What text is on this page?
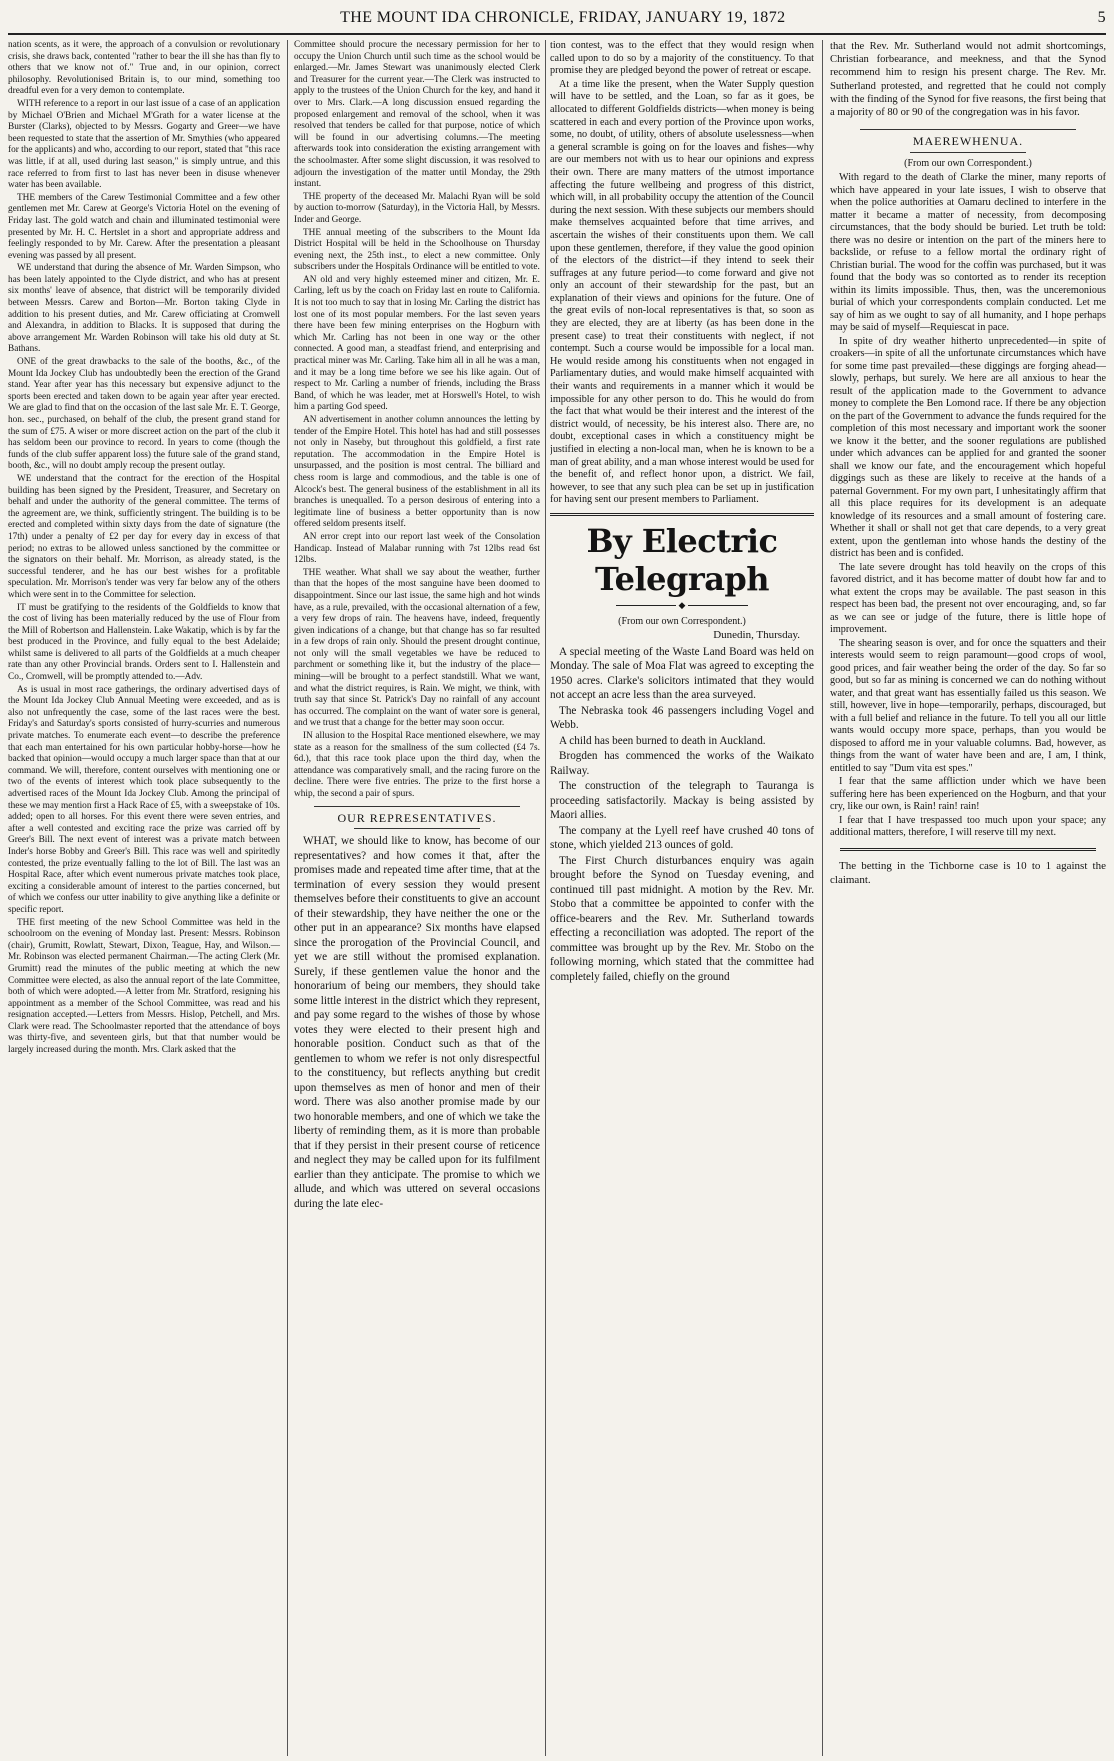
THE MOUNT IDA CHRONICLE, FRIDAY, JANUARY 19, 1872	5

nation scents, as it were, the approach of a convulsion or revolutionary crisis, she draws back, contented "rather to bear the ill she has than fly to others that we know not of." True and, in our opinion, correct philosophy. Revolutionised Britain is, to our mind, something too dreadful even for a very demon to contemplate.

WITH reference to a report in our last issue of a case of an application by Michael O'Brien and Michael M'Grath for a water license at the Burster (Clarks), objected to by Messrs. Gogarty and Greer—we have been requested to state that the assertion of Mr. Smythies (who appeared for the applicants) and who, according to our report, stated that "this race was little, if at all, used during last season," is simply untrue, and this race referred to from first to last has never been in disuse whenever water has been available.

THE members of the Carew Testimonial Committee and a few other gentlemen met Mr. Carew at George's Victoria Hotel on the evening of Friday last. The gold watch and chain and illuminated testimonial were presented by Mr. H. C. Hertslet in a short and appropriate address and feelingly responded to by Mr. Carew. After the presentation a pleasant evening was passed by all present.

WE understand that during the absence of Mr. Warden Simpson, who has been lately appointed to the Clyde district, and who has at present six months' leave of absence, that district will be temporarily divided between Messrs. Carew and Borton—Mr. Borton taking Clyde in addition to his present duties, and Mr. Carew officiating at Cromwell and Alexandra, in addition to Blacks. It is supposed that during the above arrangement Mr. Warden Robinson will take his old duty at St. Bathans.

ONE of the great drawbacks to the sale of the booths, &c., of the Mount Ida Jockey Club has undoubtedly been the erection of the Grand stand. Year after year has this necessary but expensive adjunct to the sports been erected and taken down to be again year after year erected. We are glad to find that on the occasion of the last sale Mr. E. T. George, hon. sec., purchased, on behalf of the club, the present grand stand for the sum of £75. A wiser or more discreet action on the part of the club it has seldom been our province to record. In years to come (though the funds of the club suffer apparent loss) the future sale of the grand stand, booth, &c., will no doubt amply recoup the present outlay.

WE understand that the contract for the erection of the Hospital building has been signed by the President, Treasurer, and Secretary on behalf and under the authority of the general committee. The terms of the agreement are, we think, sufficiently stringent. The building is to be erected and completed within sixty days from the date of signature (the 17th) under a penalty of £2 per day for every day in excess of that period; no extras to be allowed unless sanctioned by the committee or the signators on their behalf. Mr. Morrison, as already stated, is the successful tenderer, and he has our best wishes for a profitable speculation. Mr. Morrison's tender was very far below any of the others which were sent in to the Committee for selection.

IT must be gratifying to the residents of the Goldfields to know that the cost of living has been materially reduced by the use of Flour from the Mill of Robertson and Hallenstein. Lake Wakatip, which is by far the best produced in the Province, and fully equal to the best Adelaide; whilst same is delivered to all parts of the Goldfields at a much cheaper rate than any other Provincial brands. Orders sent to I. Hallenstein and Co., Cromwell, will be promptly attended to.—Adv.

As is usual in most race gatherings, the ordinary advertised days of the Mount Ida Jockey Club Annual Meeting were exceeded, and as is also not unfrequently the case, some of the last races were the best. Friday's and Saturday's sports consisted of hurry-scurries and numerous private matches. To enumerate each event—to describe the preference that each man entertained for his own particular hobby-horse—how he backed that opinion—would occupy a much larger space than that at our command. We will, therefore, content ourselves with mentioning one or two of the events of interest which took place subsequently to the advertised races of the Mount Ida Jockey Club. Among the principal of these we may mention first a Hack Race of £5, with a sweepstake of 10s. added; open to all horses. For this event there were seven entries, and after a well contested and exciting race the prize was carried off by Greer's Bill. The next event of interest was a private match between Inder's horse Bobby and Greer's Bill. This race was well and spiritedly contested, the prize eventually falling to the lot of Bill. The last was an Hospital Race, after which event numerous private matches took place, exciting a considerable amount of interest to the parties concerned, but of which we confess our utter inability to give anything like a definite or specific report.

THE first meeting of the new School Committee was held in the schoolroom on the evening of Monday last. Present: Messrs. Robinson (chair), Grumitt, Rowlatt, Stewart, Dixon, Teague, Hay, and Wilson.—Mr. Robinson was elected permanent Chairman.—The acting Clerk (Mr. Grumitt) read the minutes of the public meeting at which the new Committee were elected, as also the annual report of the late Committee, both of which were adopted.—A letter from Mr. Stratford, resigning his appointment as a member of the School Committee, was read and his resignation accepted.—Letters from Messrs. Hislop, Petchell, and Mrs. Clark were read. The Schoolmaster reported that the attendance of boys was thirty-five, and seventeen girls, but that that number would be largely increased during the month. Mrs. Clark asked that the

Committee should procure the necessary permission for her to occupy the Union Church until such time as the school would be enlarged.—Mr. James Stewart was unanimously elected Clerk and Treasurer for the current year.—The Clerk was instructed to apply to the trustees of the Union Church for the key, and hand it over to Mrs. Clark.—A long discussion ensued regarding the proposed enlargement and removal of the school, when it was resolved that tenders be called for that purpose, notice of which will be found in our advertising columns.—The meeting afterwards took into consideration the existing arrangement with the schoolmaster. After some slight discussion, it was resolved to adjourn the investigation of the matter until Monday, the 29th instant.

THE property of the deceased Mr. Malachi Ryan will be sold by auction to-morrow (Saturday), in the Victoria Hall, by Messrs. Inder and George.

THE annual meeting of the subscribers to the Mount Ida District Hospital will be held in the Schoolhouse on Thursday evening next, the 25th inst., to elect a new committee. Only subscribers under the Hospitals Ordinance will be entitled to vote.

AN old and very highly esteemed miner and citizen, Mr. E. Carling, left us by the coach on Friday last en route to California. It is not too much to say that in losing Mr. Carling the district has lost one of its most popular members. For the last seven years there have been few mining enterprises on the Hogburn with which Mr. Carling has not been in one way or the other connected. A good man, a steadfast friend, and enterprising and practical miner was Mr. Carling. Take him all in all he was a man, and it may be a long time before we see his like again. Out of respect to Mr. Carling a number of friends, including the Brass Band, of which he was leader, met at Horswell's Hotel, to wish him a parting God speed.

AN advertisement in another column announces the letting by tender of the Empire Hotel. This hotel has had and still possesses not only in Naseby, but throughout this goldfield, a first rate reputation. The accommodation in the Empire Hotel is unsurpassed, and the position is most central. The billiard and chess room is large and commodious, and the table is one of Alcock's best. The general business of the establishment in all its branches is unequalled. To a person desirous of entering into a legitimate line of business a better opportunity than is now offered seldom presents itself.

AN error crept into our report last week of the Consolation Handicap. Instead of Malabar running with 7st 12lbs read 6st 12lbs.

THE weather. What shall we say about the weather, further than that the hopes of the most sanguine have been doomed to disappointment. Since our last issue, the same high and hot winds have, as a rule, prevailed, with the occasional alternation of a few, a very few drops of rain. The heavens have, indeed, frequently given indications of a change, but that change has so far resulted in a few drops of rain only. Should the present drought continue, not only will the small vegetables we have be reduced to parchment or something like it, but the industry of the place—mining—will be brought to a perfect standstill. What we want, and what the district requires, is Rain. We might, we think, with truth say that since St. Patrick's Day no rainfall of any account has occurred. The complaint on the want of water sore is general, and we trust that a change for the better may soon occur.

IN allusion to the Hospital Race mentioned elsewhere, we may state as a reason for the smallness of the sum collected (£4 7s. 6d.), that this race took place upon the third day, when the attendance was comparatively small, and the racing furore on the decline. There were five entries. The prize to the first horse a whip, the second a pair of spurs.

OUR REPRESENTATIVES.

WHAT, we should like to know, has become of our representatives? and how comes it that, after the promises made and repeated time after time, that at the termination of every session they would present themselves before their constituents to give an account of their stewardship, they have neither the one or the other put in an appearance? Six months have elapsed since the prorogation of the Provincial Council, and yet we are still without the promised explanation. Surely, if these gentlemen value the honor and the honorarium of being our members, they should take some little interest in the district which they represent, and pay some regard to the wishes of those by whose votes they were elected to their present high and honorable position. Conduct such as that of the gentlemen to whom we refer is not only disrespectful to the constituency, but reflects anything but credit upon themselves as men of honor and men of their word. There was also another promise made by our two honorable members, and one of which we take the liberty of reminding them, as it is more than probable that if they persist in their present course of reticence and neglect they may be called upon for its fulfilment earlier than they anticipate. The promise to which we allude, and which was uttered on several occasions during the late elec-

tion contest, was to the effect that they would resign when called upon to do so by a majority of the constituency. To that promise they are pledged beyond the power of retreat or escape.

At a time like the present, when the Water Supply question will have to be settled, and the Loan, so far as it goes, be allocated to different Goldfields districts—when money is being scattered in each and every portion of the Province upon works, some, no doubt, of utility, others of absolute uselessness—when a general scramble is going on for the loaves and fishes—why are our members not with us to hear our opinions and express their own. There are many matters of the utmost importance affecting the future wellbeing and progress of this district, which will, in all probability occupy the attention of the Council during the next session. With these subjects our members should make themselves acquainted before that time arrives, and ascertain the wishes of their constituents upon them. We call upon these gentlemen, therefore, if they value the good opinion of the electors of the district—if they intend to seek their suffrages at any future period—to come forward and give not only an account of their stewardship for the past, but an explanation of their views and opinions for the future. One of the great evils of non-local representatives is that, so soon as they are elected, they are at liberty (as has been done in the present case) to treat their constituents with neglect, if not contempt. Such a course would be impossible for a local man. He would reside among his constituents when not engaged in Parliamentary duties, and would make himself acquainted with their wants and requirements in a manner which it would be impossible for any other person to do. This he would do from the fact that what would be their interest and the interest of the district would, of necessity, be his interest also. There are, no doubt, exceptional cases in which a constituency might be justified in electing a non-local man, when he is known to be a man of great ability, and a man whose interest would be used for the benefit of, and reflect honor upon, a district. We fail, however, to see that any such plea can be set up in justification for having sent our present members to Parliament.

By Electric Telegraph
◆
(From our own Correspondent.)
Dunedin, Thursday.

A special meeting of the Waste Land Board was held on Monday. The sale of Moa Flat was agreed to excepting the 1950 acres. Clarke's solicitors intimated that they would not accept an acre less than the area surveyed.

The Nebraska took 46 passengers including Vogel and Webb.

A child has been burned to death in Auckland.

Brogden has commenced the works of the Waikato Railway.

The construction of the telegraph to Tauranga is proceeding satisfactorily. Mackay is being assisted by Maori allies.

The company at the Lyell reef have crushed 40 tons of stone, which yielded 213 ounces of gold.

The First Church disturbances enquiry was again brought before the Synod on Tuesday evening, and continued till past midnight. A motion by the Rev. Mr. Stobo that a committee be appointed to confer with the office-bearers and the Rev. Mr. Sutherland towards effecting a reconciliation was adopted. The report of the committee was brought up by the Rev. Mr. Stobo on the following morning, which stated that the committee had completely failed, chiefly on the ground

that the Rev. Mr. Sutherland would not admit shortcomings, Christian forbearance, and meekness, and that the Synod recommend him to resign his present charge. The Rev. Mr. Sutherland protested, and regretted that he could not comply with the finding of the Synod for five reasons, the first being that a majority of 80 or 90 of the congregation was in his favor.

MAEREWHENUA.
(From our own Correspondent.)

With regard to the death of Clarke the miner, many reports of which have appeared in your late issues, I wish to observe that when the police authorities at Oamaru declined to interfere in the matter it became a matter of necessity, from decomposing circumstances, that the body should be buried. Let truth be told: there was no desire or intention on the part of the miners here to backslide, or refuse to a fellow mortal the ordinary right of Christian burial. The wood for the coffin was purchased, but it was found that the body was so contorted as to render its reception within its limits impossible. Thus, then, was the unceremonious burial of which your correspondents complain conducted. Let me say of him as we ought to say of all humanity, and I hope perhaps may be said of myself—Requiescat in pace.

In spite of dry weather hitherto unprecedented—in spite of croakers—in spite of all the unfortunate circumstances which have for some time past prevailed—these diggings are forging ahead—slowly, perhaps, but surely. We here are all anxious to hear the result of the application made to the Government to advance money to complete the Ben Lomond race. If there be any objection on the part of the Government to advance the funds required for the completion of this most necessary and important work the sooner we know it the better, and the sooner regulations are published under which advances can be applied for and granted the sooner shall we know our fate, and the encouragement which hopeful diggings such as these are likely to receive at the hands of a paternal Government. For my own part, I unhesitatingly affirm that all this place requires for its development is an adequate knowledge of its resources and a small amount of fostering care. Whether it shall or shall not get that care depends, to a very great extent, upon the gentleman into whose hands the destiny of the district has been and is confided.

The late severe drought has told heavily on the crops of this favored district, and it has become matter of doubt how far and to what extent the crops may be available. The past season in this respect has been bad, the present not over encouraging, and, so far as we can see or judge of the future, there is little hope of improvement.

The shearing season is over, and for once the squatters and their interests would seem to reign paramount—good crops of wool, good prices, and fair weather being the order of the day. So far so good, but so far as mining is concerned we can do nothing without water, and that great want has essentially failed us this season. We still, however, live in hope—temporarily, perhaps, discouraged, but with a full belief and reliance in the future. To tell you all our little wants would occupy more space, perhaps, than you would be disposed to afford me in your valuable columns. Bad, however, as things from the want of water have been and are, I am, I think, entitled to say "Dum vita est spes."

I fear that the same affliction under which we have been suffering here has been experienced on the Hogburn, and that your cry, like our own, is Rain! rain! rain!

I fear that I have trespassed too much upon your space; any additional matters, therefore, I will reserve till my next.

The betting in the Tichborne case is 10 to 1 against the claimant.
